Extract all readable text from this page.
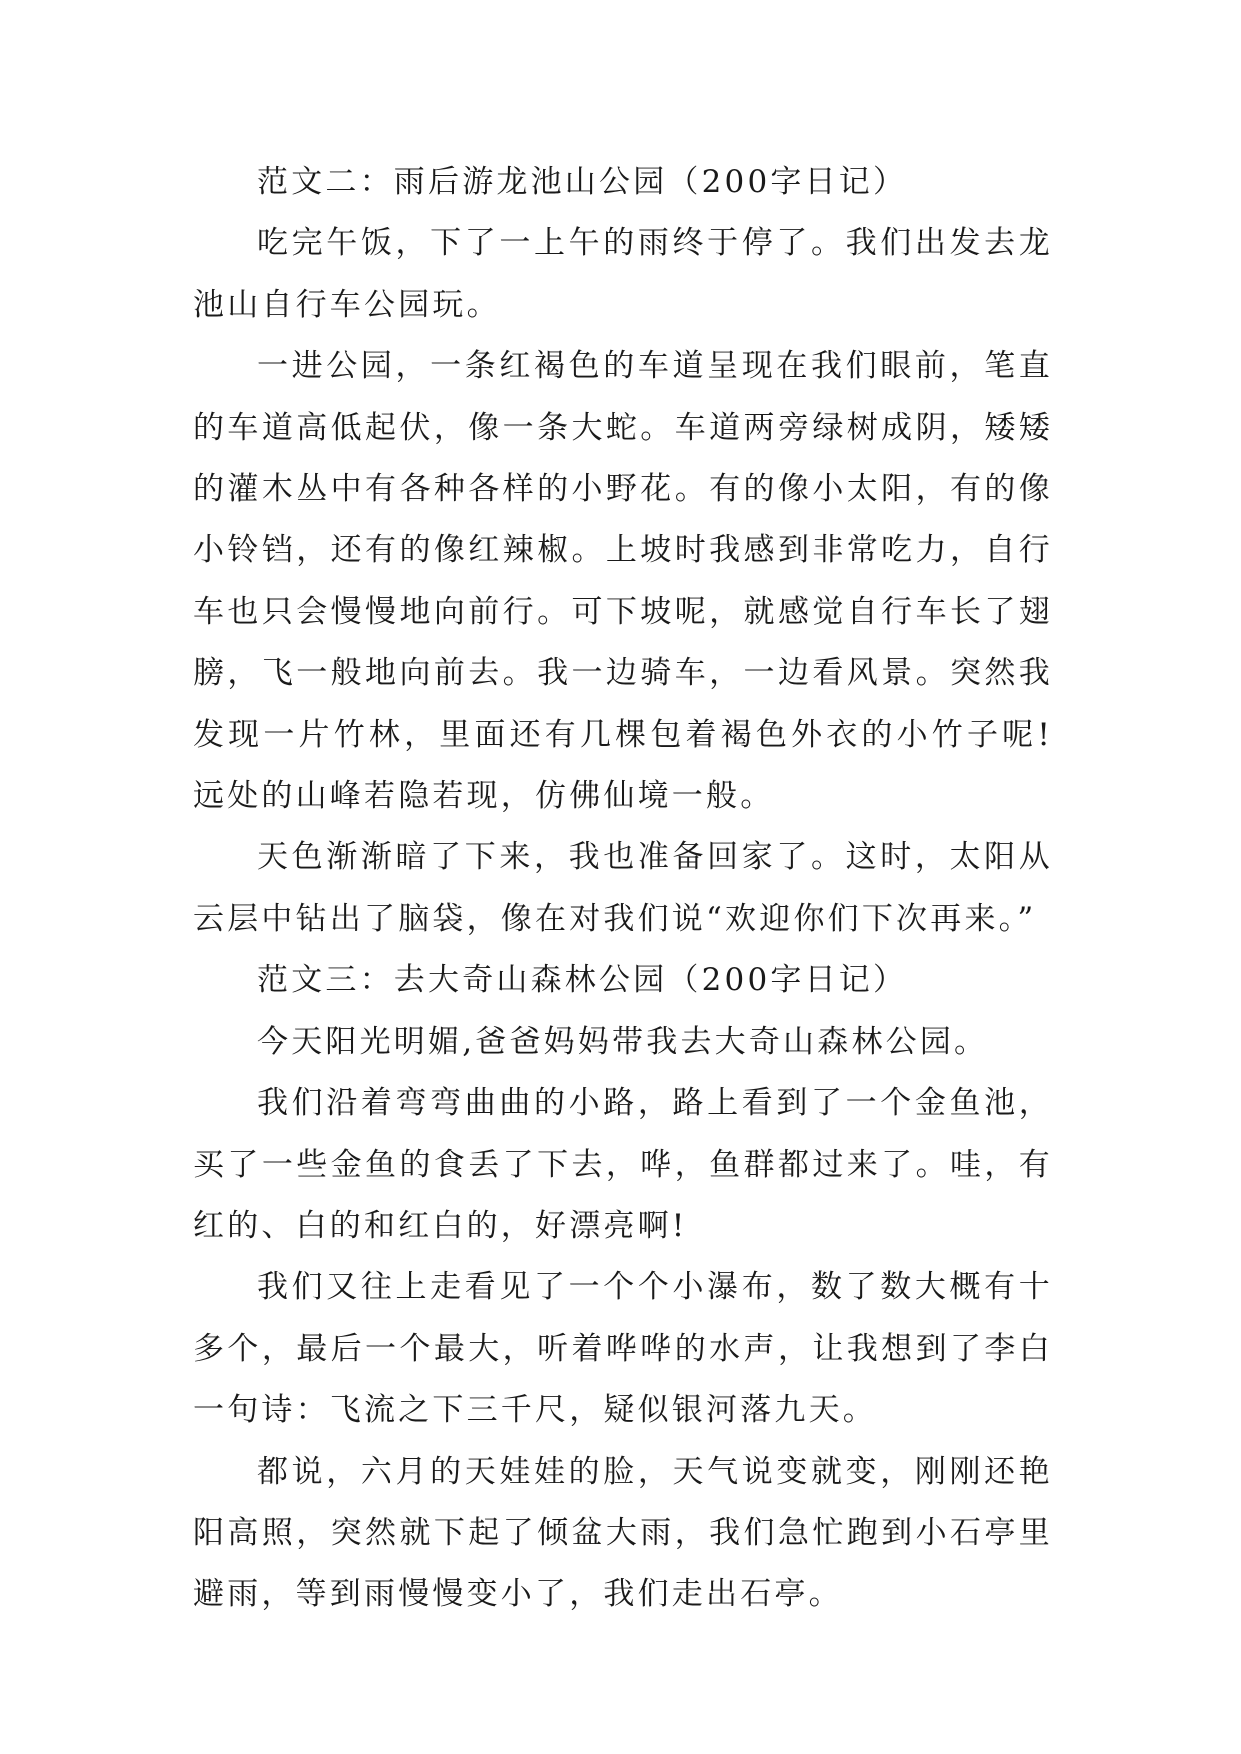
范文二：雨后游龙池山公园（200字日记）

吃完午饭，下了一上午的雨终于停了。我们出发去龙池山自行车公园玩。

一进公园，一条红褐色的车道呈现在我们眼前，笔直的车道高低起伏，像一条大蛇。车道两旁绿树成阴，矮矮的灌木丛中有各种各样的小野花。有的像小太阳，有的像小铃铛，还有的像红辣椒。上坡时我感到非常吃力，自行车也只会慢慢地向前行。可下坡呢，就感觉自行车长了翅膀，飞一般地向前去。我一边骑车，一边看风景。突然我发现一片竹林，里面还有几棵包着褐色外衣的小竹子呢!远处的山峰若隐若现，仿佛仙境一般。

天色渐渐暗了下来，我也准备回家了。这时，太阳从云层中钻出了脑袋，像在对我们说“欢迎你们下次再来。”

范文三：去大奇山森林公园（200字日记）

今天阳光明媚,爸爸妈妈带我去大奇山森林公园。

我们沿着弯弯曲曲的小路，路上看到了一个金鱼池，买了一些金鱼的食丢了下去，哗，鱼群都过来了。哇，有红的、白的和红白的，好漂亮啊!

我们又往上走看见了一个个小瀑布，数了数大概有十多个，最后一个最大，听着哗哗的水声，让我想到了李白一句诗：飞流之下三千尺，疑似银河落九天。

都说，六月的天娃娃的脸，天气说变就变，刚刚还艳阳高照，突然就下起了倾盆大雨，我们急忙跑到小石亭里避雨，等到雨慢慢变小了，我们走出石亭。
